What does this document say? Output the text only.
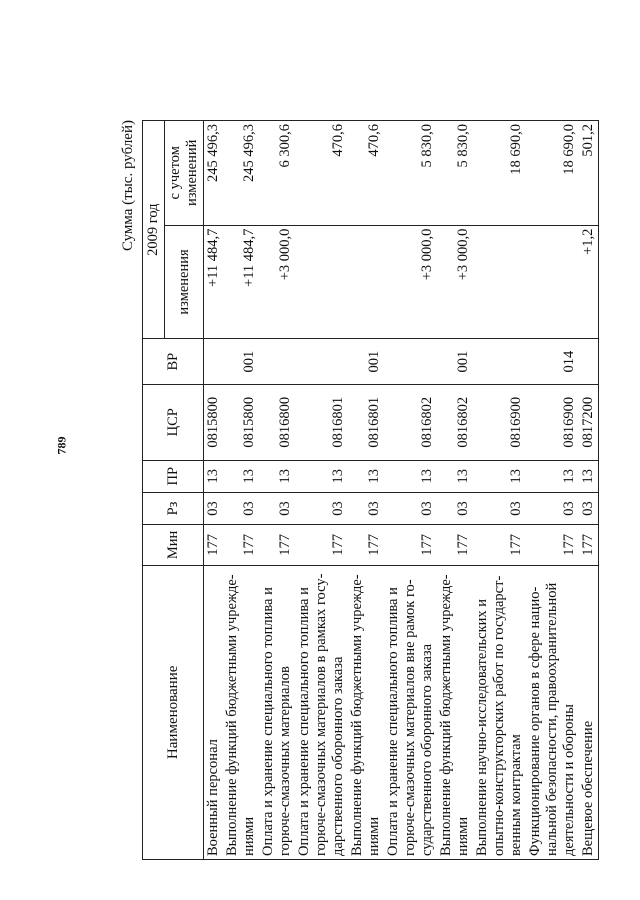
789
Сумма (тыс. рублей)
Наименование	Мин	Рз	ПР	ЦСР	ВР	2009 год	
						изменения	с учетом изменений
Военный персонал	177	03	13	0815800		+11 484,7	245 496,3
Выполнение функций бюджетными учрежде-ниями	177	03	13	0815800	001	+11 484,7	245 496,3
Оплата и хранение специального топлива и горюче-смазочных материалов	177	03	13	0816800		+3 000,0	6 300,6
Оплата и хранение специального топлива и горюче-смазочных материалов в рамках госу-дарственного оборонного заказа	177	03	13	0816801			470,6
Выполнение функций бюджетными учрежде-ниями	177	03	13	0816801	001		470,6
Оплата и хранение специального топлива и горюче-смазочных материалов вне рамок го-сударственного оборонного заказа	177	03	13	0816802		+3 000,0	5 830,0
Выполнение функций бюджетными учрежде-ниями	177	03	13	0816802	001	+3 000,0	5 830,0
Выполнение научно-исследовательских и опытно-конструкторских работ по государст-венным контрактам	177	03	13	0816900			18 690,0
Функционирование органов в сфере нацио-нальной безопасности, правоохранительной деятельности и обороны	177	03	13	0816900	014		18 690,0
Вещевое обеспечение	177	03	13	0817200		+1,2	501,2
